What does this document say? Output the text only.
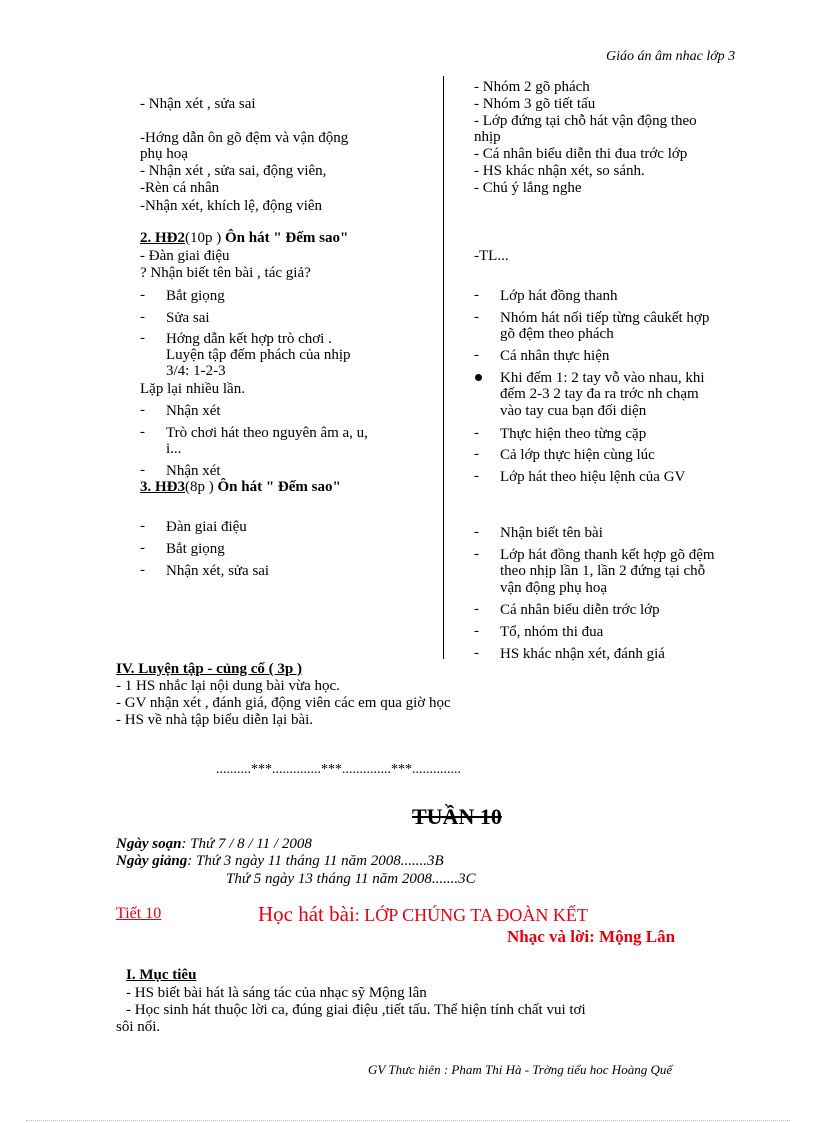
Giáo án âm nhac lớp 3
- Nhận xét , sửa sai
-Hớng dẫn ôn gõ đệm và vận động
phụ hoạ
- Nhận xét , sửa sai, động viên,
-Rèn cá nhân
-Nhận xét, khích lệ, động viên
2. HĐ2(10p ) Ôn hát " Đếm sao"
- Đàn giai điệu
? Nhận biết tên bài , tác giả?
- Bắt giọng
- Sửa sai
- Hớng dẫn kết hợp trò chơi .
Luyện tập đếm phách của nhịp
3/4: 1-2-3
Lặp lại nhiều lần.
- Nhận xét
- Trò chơi hát theo nguyên âm a, u,
i...
- Nhận xét
3. HĐ3(8p ) Ôn hát " Đếm sao"
- Đàn giai điệu
- Bắt giọng
- Nhận xét, sửa sai
- Nhóm 2 gõ phách
- Nhóm 3 gõ tiết tấu
- Lớp đứng tại chỗ hát vận động theo
nhịp
- Cá nhân biểu diễn thi đua trớc lớp
- HS khác nhận xét, so sánh.
- Chú ý lắng nghe
-TL...
- Lớp hát đồng thanh
- Nhóm hát nối tiếp từng câukết hợp
gõ đệm theo phách
- Cá nhân thực hiện
Khi đếm 1: 2 tay vỗ vào nhau, khi
đếm 2-3 2 tay đa ra trớc nh chạm
vào tay cua bạn đối diện
- Thực hiện theo từng cặp
- Cả lớp thực hiện cùng lúc
- Lớp hát theo hiệu lệnh của GV
- Nhận biết tên bài
- Lớp hát đồng thanh kết hợp gõ đệm
theo nhịp lần 1, lần 2 đứng tại chỗ
vận động phụ hoạ
- Cá nhân biểu diễn trớc lớp
- Tổ, nhóm thi đua
- HS khác nhận xét, đánh giá
IV. Luyện tập - củng cố ( 3p )
- 1 HS nhắc lại nội dung bài vừa học.
- GV nhận xét , đánh giá, động viên các em qua giờ học
- HS về nhà tập biểu diễn lại bài.
..........***..............***..............***..............
TUẦN 10
Ngày soạn: Thứ 7 / 8 / 11 / 2008
Ngày giảng: Thứ 3 ngày 11 tháng 11 năm 2008.......3B
Thứ 5 ngày 13 tháng 11 năm 2008.......3C
Tiết 10	Học hát bài: LỚP CHÚNG TA ĐOÀN KẾT
Nhạc và lời: Mộng Lân
I. Mục tiêu
- HS biết bài hát là sáng tác của nhạc sỹ Mộng lân
- Học sinh hát thuộc lời ca, đúng giai điệu ,tiết tấu. Thể hiện tính chất vui tơi
sôi nổi.
GV Thưc hiên : Pham Thi Hà - Trờng tiểu hoc Hoàng Quế
